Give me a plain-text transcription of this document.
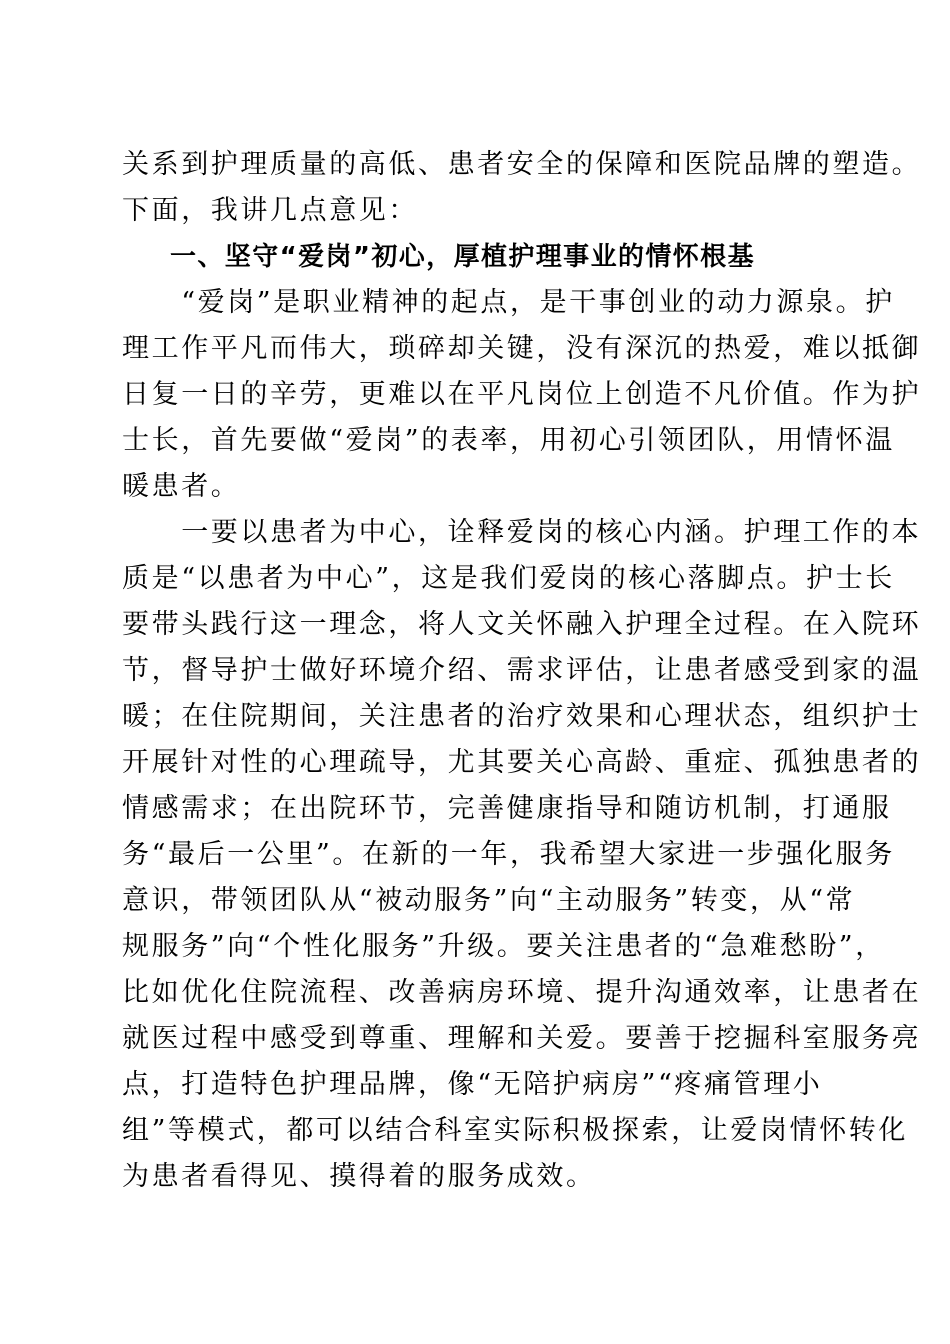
关系到护理质量的高低、患者安全的保障和医院品牌的塑造。
下面，我讲几点意见：
一、坚守“爱岗”初心，厚植护理事业的情怀根基
　　“爱岗”是职业精神的起点，是干事创业的动力源泉。护
理工作平凡而伟大，琐碎却关键，没有深沉的热爱，难以抵御
日复一日的辛劳，更难以在平凡岗位上创造不凡价值。作为护
士长，首先要做“爱岗”的表率，用初心引领团队，用情怀温
暖患者。
　　一要以患者为中心，诠释爱岗的核心内涵。护理工作的本
质是“以患者为中心”，这是我们爱岗的核心落脚点。护士长
要带头践行这一理念，将人文关怀融入护理全过程。在入院环
节，督导护士做好环境介绍、需求评估，让患者感受到家的温
暖；在住院期间，关注患者的治疗效果和心理状态，组织护士
开展针对性的心理疏导，尤其要关心高龄、重症、孤独患者的
情感需求；在出院环节，完善健康指导和随访机制，打通服
务“最后一公里”。在新的一年，我希望大家进一步强化服务
意识，带领团队从“被动服务”向“主动服务”转变，从“常
规服务”向“个性化服务”升级。要关注患者的“急难愁盼”，
比如优化住院流程、改善病房环境、提升沟通效率，让患者在
就医过程中感受到尊重、理解和关爱。要善于挖掘科室服务亮
点，打造特色护理品牌，像“无陪护病房”“疼痛管理小
组”等模式，都可以结合科室实际积极探索，让爱岗情怀转化
为患者看得见、摸得着的服务成效。
